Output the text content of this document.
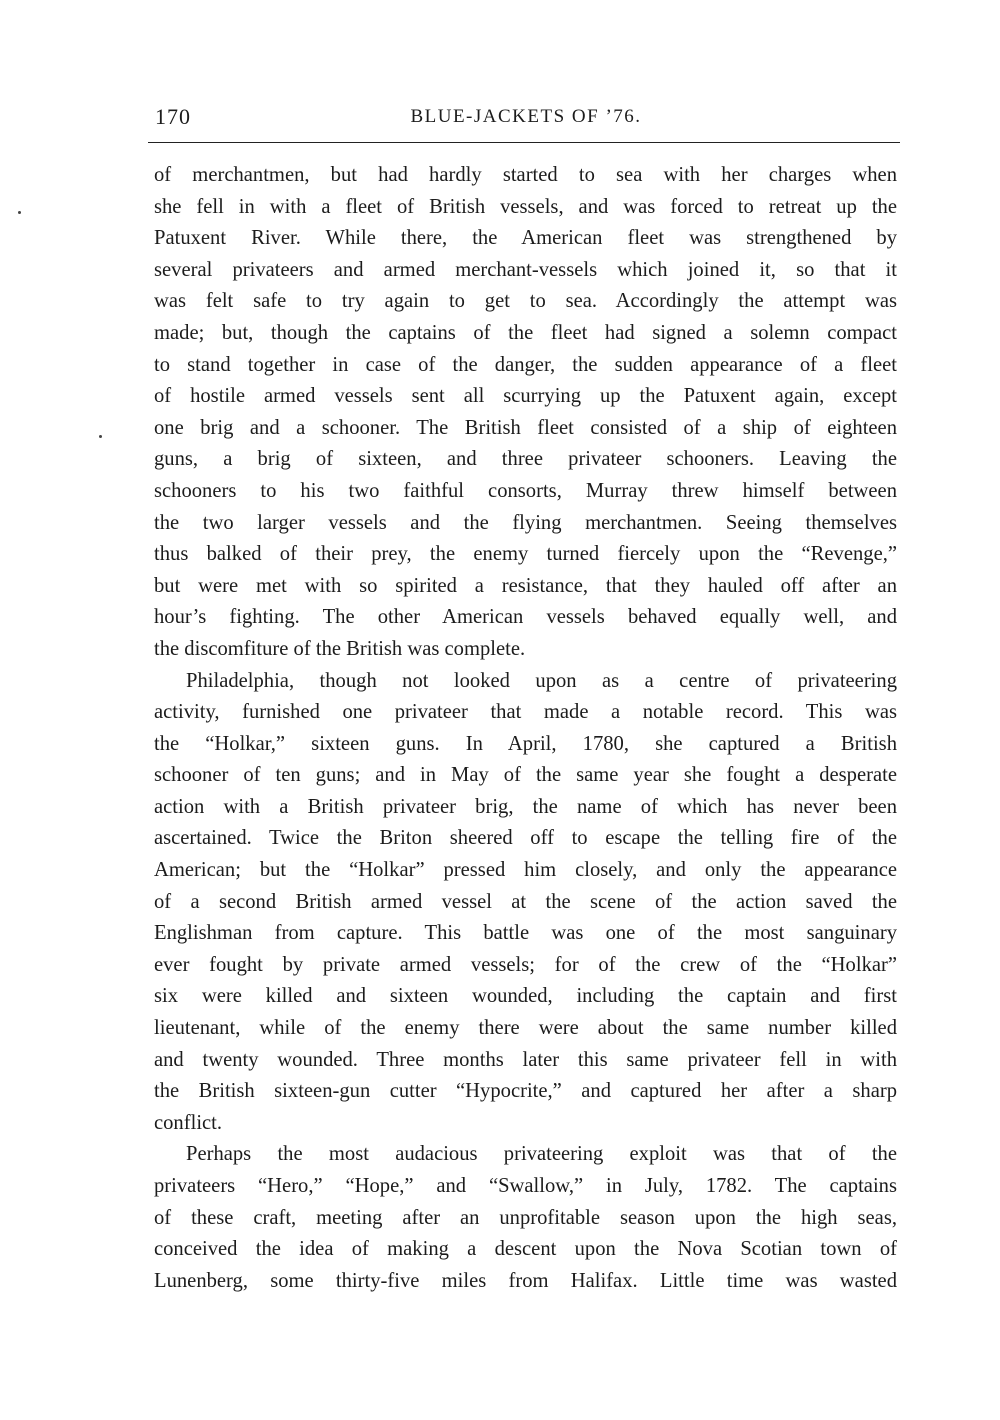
170	BLUE-JACKETS OF ’76.

of merchantmen, but had hardly started to sea with her charges when
she fell in with a fleet of British vessels, and was forced to retreat up the
Patuxent River. While there, the American fleet was strengthened by
several privateers and armed merchant-vessels which joined it, so that it
was felt safe to try again to get to sea. Accordingly the attempt was
made; but, though the captains of the fleet had signed a solemn compact
to stand together in case of the danger, the sudden appearance of a fleet
of hostile armed vessels sent all scurrying up the Patuxent again, except
one brig and a schooner. The British fleet consisted of a ship of eighteen
guns, a brig of sixteen, and three privateer schooners. Leaving the
schooners to his two faithful consorts, Murray threw himself between
the two larger vessels and the flying merchantmen. Seeing themselves
thus balked of their prey, the enemy turned fiercely upon the “Revenge,”
but were met with so spirited a resistance, that they hauled off after an
hour’s fighting. The other American vessels behaved equally well, and
the discomfiture of the British was complete.

Philadelphia, though not looked upon as a centre of privateering
activity, furnished one privateer that made a notable record. This was
the “Holkar,” sixteen guns. In April, 1780, she captured a British
schooner of ten guns; and in May of the same year she fought a desperate
action with a British privateer brig, the name of which has never been
ascertained. Twice the Briton sheered off to escape the telling fire of the
American; but the “Holkar” pressed him closely, and only the appearance
of a second British armed vessel at the scene of the action saved the
Englishman from capture. This battle was one of the most sanguinary
ever fought by private armed vessels; for of the crew of the “Holkar”
six were killed and sixteen wounded, including the captain and first
lieutenant, while of the enemy there were about the same number killed
and twenty wounded. Three months later this same privateer fell in with
the British sixteen-gun cutter “Hypocrite,” and captured her after a sharp
conflict.

Perhaps the most audacious privateering exploit was that of the
privateers “Hero,” “Hope,” and “Swallow,” in July, 1782. The captains
of these craft, meeting after an unprofitable season upon the high seas,
conceived the idea of making a descent upon the Nova Scotian town of
Lunenberg, some thirty-five miles from Halifax. Little time was wasted
